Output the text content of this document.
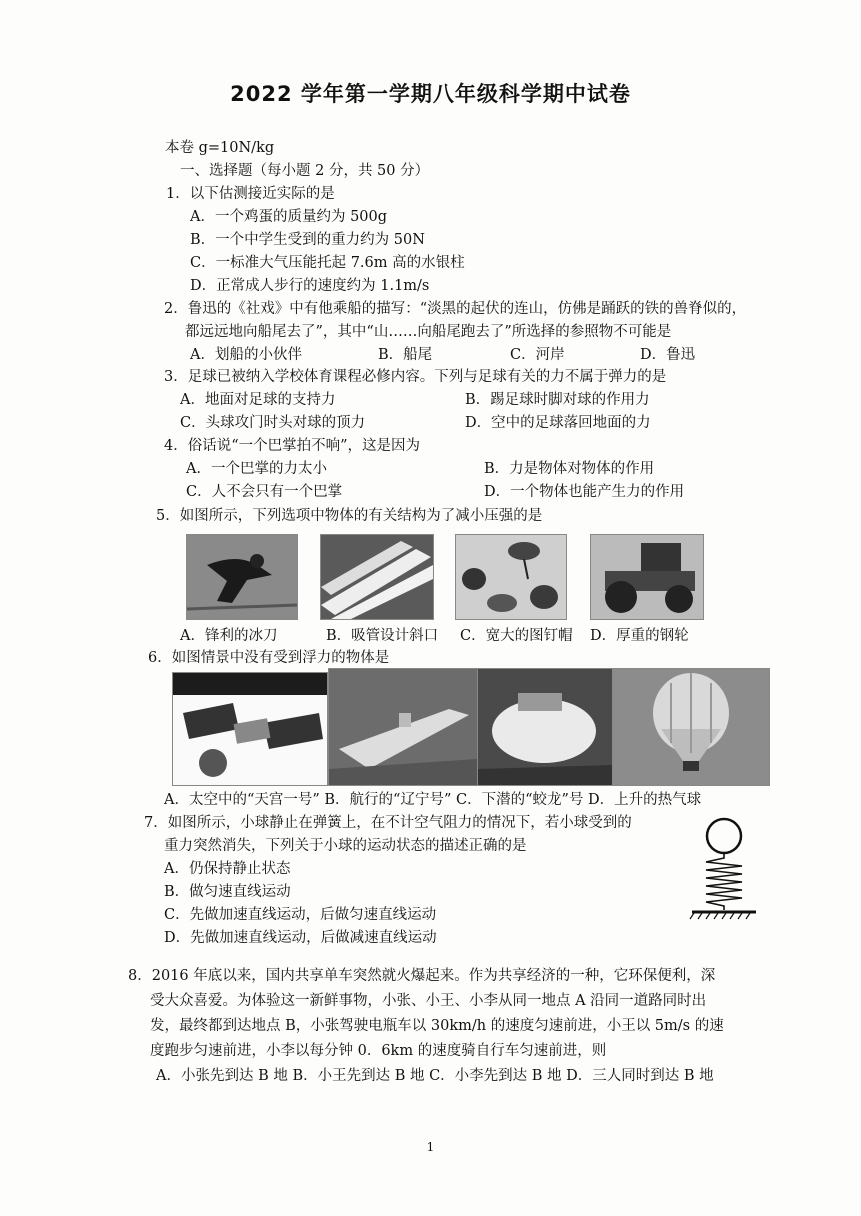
2022 学年第一学期八年级科学期中试卷
本卷 g=10N/kg
一、选择题（每小题 2 分，共 50 分）
1．以下估测接近实际的是
A．一个鸡蛋的质量约为 500g
B．一个中学生受到的重力约为 50N
C．一标准大气压能托起 7.6m 高的水银柱
D．正常成人步行的速度约为 1.1m/s
2．鲁迅的《社戏》中有他乘船的描写：“淡黑的起伏的连山，仿佛是踊跃的铁的兽脊似的，
都远远地向船尾去了”，其中“山……向船尾跑去了”所选择的参照物不可能是
A．划船的小伙伴	B．船尾	C．河岸	D．鲁迅
3．足球已被纳入学校体育课程必修内容。下列与足球有关的力不属于弹力的是
A．地面对足球的支持力	B．踢足球时脚对球的作用力
C．头球攻门时头对球的顶力	D．空中的足球落回地面的力
4．俗话说“一个巴掌拍不响”，这是因为
A．一个巴掌的力太小	B．力是物体对物体的作用
C．人不会只有一个巴掌	D．一个物体也能产生力的作用
5．如图所示，下列选项中物体的有关结构为了减小压强的是
A．锋利的冰刀	B．吸管设计斜口 C．宽大的图钉帽 D．厚重的钢轮
6．如图情景中没有受到浮力的物体是
A．太空中的“天宫一号” B．航行的“辽宁号” C．下潜的“蛟龙”号 D．上升的热气球
7．如图所示，小球静止在弹簧上，在不计空气阻力的情况下，若小球受到的
重力突然消失，下列关于小球的运动状态的描述正确的是
A．仍保持静止状态
B．做匀速直线运动
C．先做加速直线运动，后做匀速直线运动
D．先做加速直线运动，后做减速直线运动
8．2016 年底以来，国内共享单车突然就火爆起来。作为共享经济的一种，它环保便利，深
受大众喜爱。为体验这一新鲜事物，小张、小王、小李从同一地点 A 沿同一道路同时出
发，最终都到达地点 B，小张驾驶电瓶车以 30km/h 的速度匀速前进，小王以 5m/s 的速
度跑步匀速前进，小李以每分钟 0．6km 的速度骑自行车匀速前进，则
A．小张先到达 B 地 B．小王先到达 B 地 C．小李先到达 B 地 D．三人同时到达 B 地
1
